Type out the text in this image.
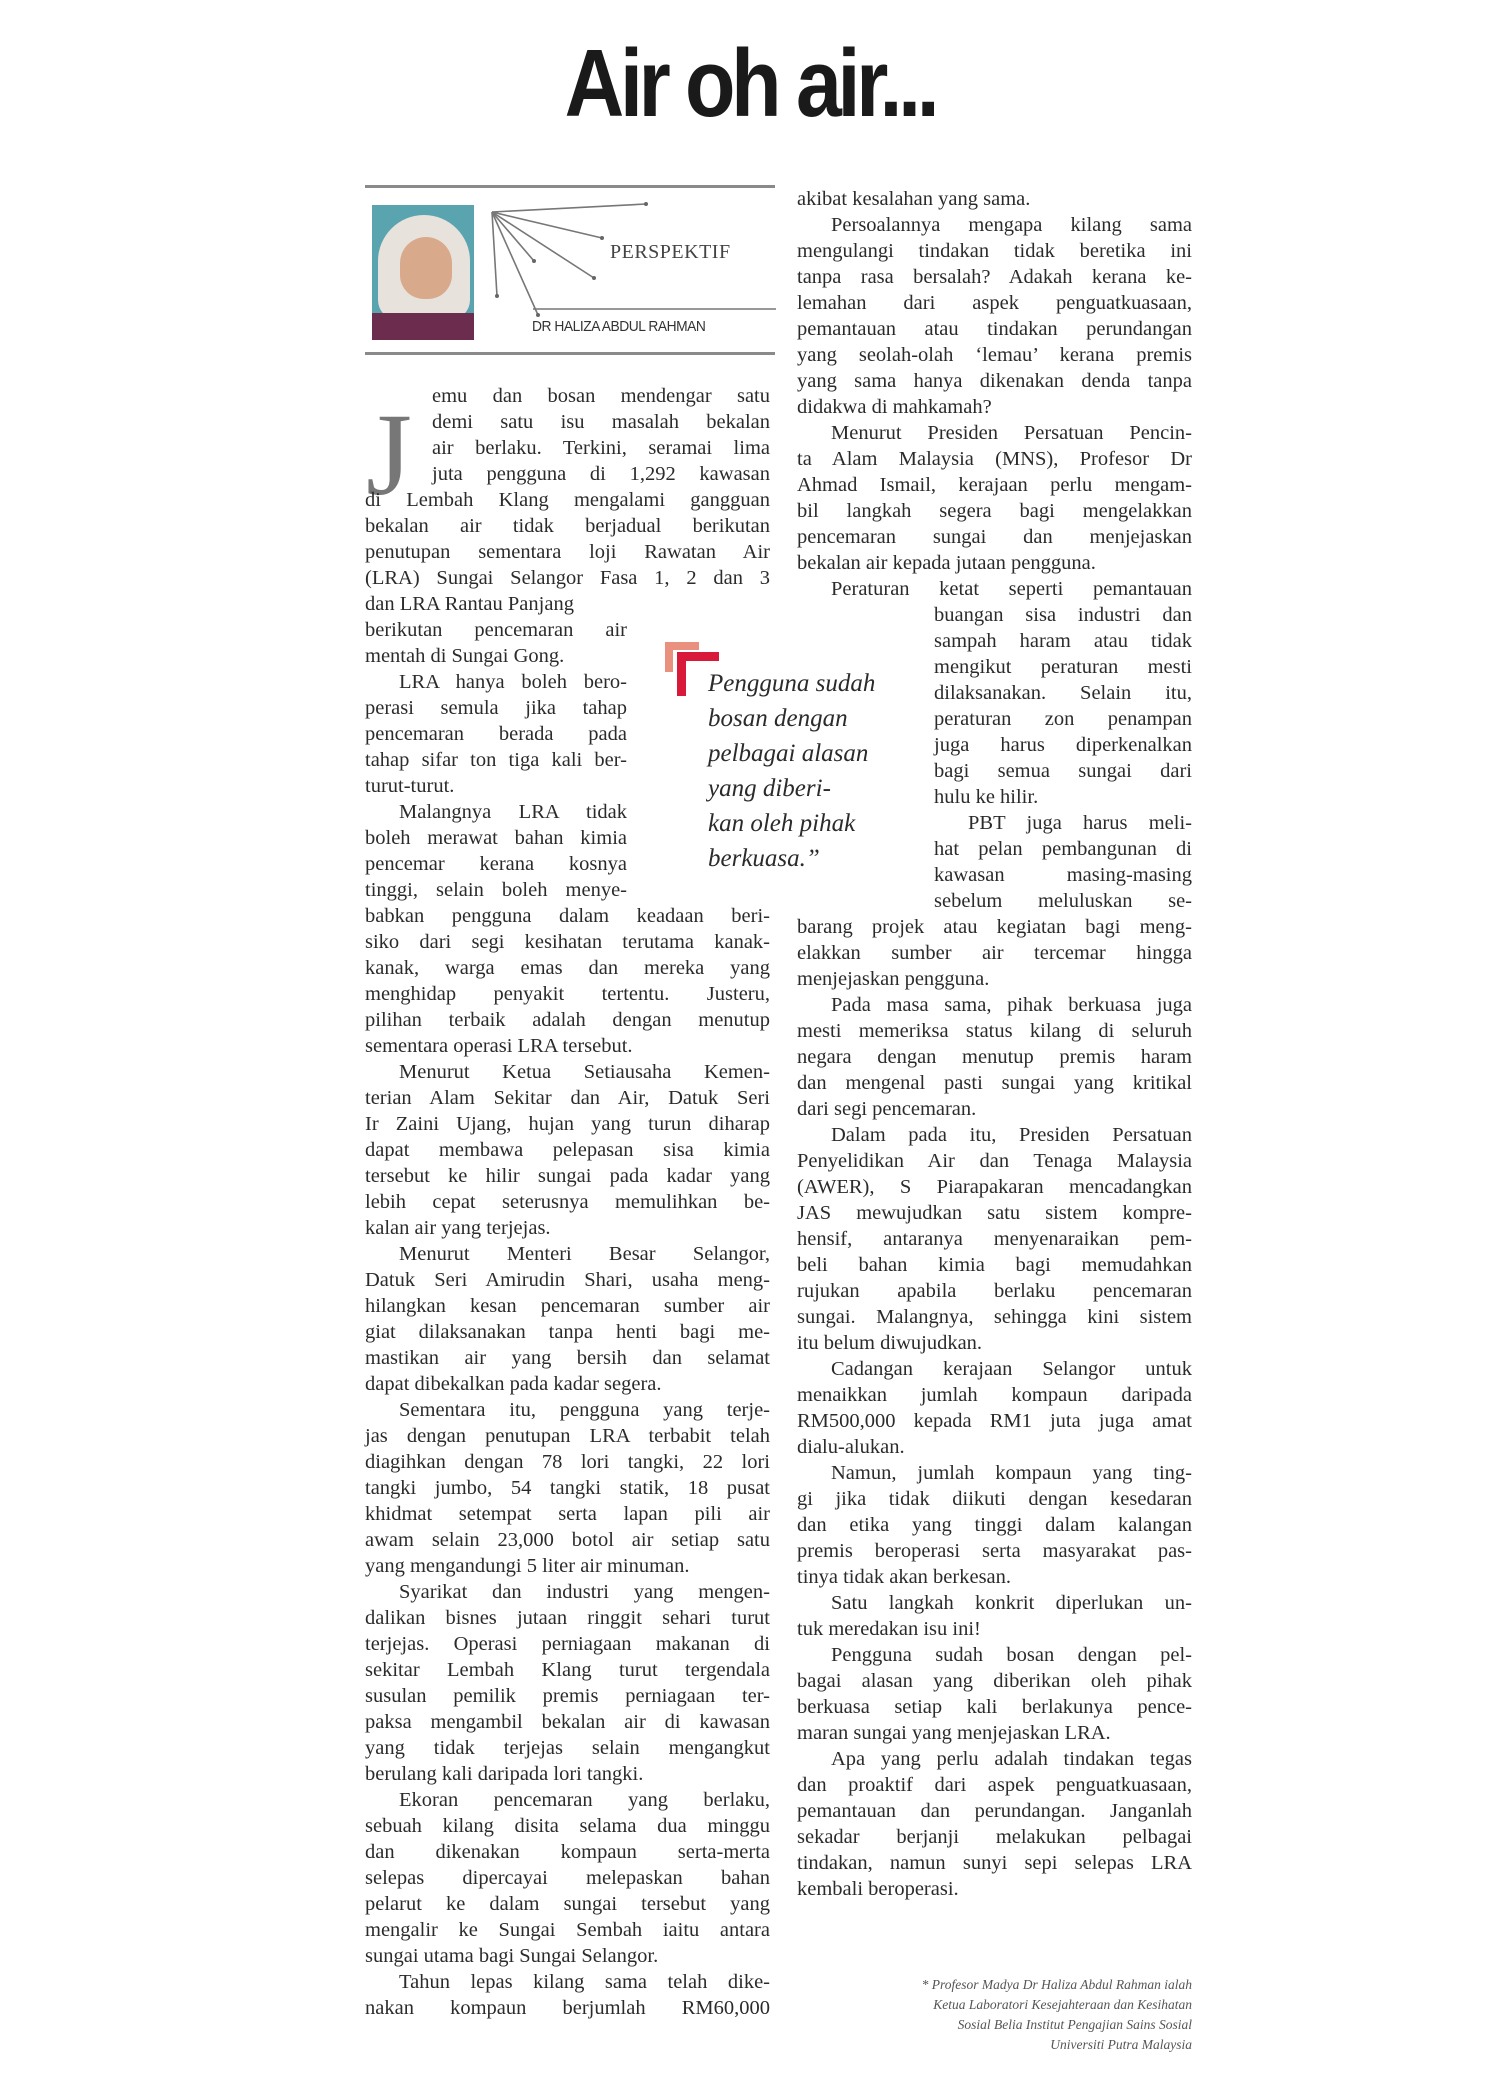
Air oh air...
PERSPEKTIF
DR HALIZA ABDUL RAHMAN
J emu dan bosan mendengar satu
demi satu isu masalah bekalan
air berlaku. Terkini, seramai lima
juta pengguna di 1,292 kawasan
di Lembah Klang mengalami gangguan
bekalan air tidak berjadual berikutan
penutupan sementara loji Rawatan Air
(LRA) Sungai Selangor Fasa 1, 2 dan 3
dan LRA Rantau Panjang
berikutan pencemaran air
mentah di Sungai Gong.
LRA hanya boleh bero-
perasi semula jika tahap
pencemaran berada pada
tahap sifar ton tiga kali ber-
turut-turut.
Malangnya LRA tidak
boleh merawat bahan kimia
pencemar kerana kosnya
tinggi, selain boleh menye-
babkan pengguna dalam keadaan beri-
siko dari segi kesihatan terutama kanak-
kanak, warga emas dan mereka yang
menghidap penyakit tertentu. Justeru,
pilihan terbaik adalah dengan menutup
sementara operasi LRA tersebut.
Menurut Ketua Setiausaha Kemen-
terian Alam Sekitar dan Air, Datuk Seri
Ir Zaini Ujang, hujan yang turun diharap
dapat membawa pelepasan sisa kimia
tersebut ke hilir sungai pada kadar yang
lebih cepat seterusnya memulihkan be-
kalan air yang terjejas.
Menurut Menteri Besar Selangor,
Datuk Seri Amirudin Shari, usaha meng-
hilangkan kesan pencemaran sumber air
giat dilaksanakan tanpa henti bagi me-
mastikan air yang bersih dan selamat
dapat dibekalkan pada kadar segera.
Sementara itu, pengguna yang terje-
jas dengan penutupan LRA terbabit telah
diagihkan dengan 78 lori tangki, 22 lori
tangki jumbo, 54 tangki statik, 18 pusat
khidmat setempat serta lapan pili air
awam selain 23,000 botol air setiap satu
yang mengandungi 5 liter air minuman.
Syarikat dan industri yang mengen-
dalikan bisnes jutaan ringgit sehari turut
terjejas. Operasi perniagaan makanan di
sekitar Lembah Klang turut tergendala
susulan pemilik premis perniagaan ter-
paksa mengambil bekalan air di kawasan
yang tidak terjejas selain mengangkut
berulang kali daripada lori tangki.
Ekoran pencemaran yang berlaku,
sebuah kilang disita selama dua minggu
dan dikenakan kompaun serta-merta
selepas dipercayai melepaskan bahan
pelarut ke dalam sungai tersebut yang
mengalir ke Sungai Sembah iaitu antara
sungai utama bagi Sungai Selangor.
Tahun lepas kilang sama telah dike-
nakan kompaun berjumlah RM60,000
akibat kesalahan yang sama.
Persoalannya mengapa kilang sama
mengulangi tindakan tidak beretika ini
tanpa rasa bersalah? Adakah kerana ke-
lemahan dari aspek penguatkuasaan,
pemantauan atau tindakan perundangan
yang seolah-olah ‘lemau’ kerana premis
yang sama hanya dikenakan denda tanpa
didakwa di mahkamah?
Menurut Presiden Persatuan Pencin-
ta Alam Malaysia (MNS), Profesor Dr
Ahmad Ismail, kerajaan perlu mengam-
bil langkah segera bagi mengelakkan
pencemaran sungai dan menjejaskan
bekalan air kepada jutaan pengguna.
Peraturan ketat seperti pemantauan
buangan sisa industri dan
sampah haram atau tidak
mengikut peraturan mesti
dilaksanakan. Selain itu,
peraturan zon penampan
juga harus diperkenalkan
bagi semua sungai dari
hulu ke hilir.
PBT juga harus meli-
hat pelan pembangunan di
kawasan masing-masing
sebelum meluluskan se-
barang projek atau kegiatan bagi meng-
elakkan sumber air tercemar hingga
menjejaskan pengguna.
Pada masa sama, pihak berkuasa juga
mesti memeriksa status kilang di seluruh
negara dengan menutup premis haram
dan mengenal pasti sungai yang kritikal
dari segi pencemaran.
Dalam pada itu, Presiden Persatuan
Penyelidikan Air dan Tenaga Malaysia
(AWER), S Piarapakaran mencadangkan
JAS mewujudkan satu sistem kompre-
hensif, antaranya menyenaraikan pem-
beli bahan kimia bagi memudahkan
rujukan apabila berlaku pencemaran
sungai. Malangnya, sehingga kini sistem
itu belum diwujudkan.
Cadangan kerajaan Selangor untuk
menaikkan jumlah kompaun daripada
RM500,000 kepada RM1 juta juga amat
dialu-alukan.
Namun, jumlah kompaun yang ting-
gi jika tidak diikuti dengan kesedaran
dan etika yang tinggi dalam kalangan
premis beroperasi serta masyarakat pas-
tinya tidak akan berkesan.
Satu langkah konkrit diperlukan un-
tuk meredakan isu ini!
Pengguna sudah bosan dengan pel-
bagai alasan yang diberikan oleh pihak
berkuasa setiap kali berlakunya pence-
maran sungai yang menjejaskan LRA.
Apa yang perlu adalah tindakan tegas
dan proaktif dari aspek penguatkuasaan,
pemantauan dan perundangan. Janganlah
sekadar berjanji melakukan pelbagai
tindakan, namun sunyi sepi selepas LRA
kembali beroperasi.
Pengguna sudah
bosan dengan
pelbagai alasan
yang diberi-
kan oleh pihak
berkuasa.”
* Profesor Madya Dr Haliza Abdul Rahman ialah
Ketua Laboratori Kesejahteraan dan Kesihatan
Sosial Belia Institut Pengajian Sains Sosial
Universiti Putra Malaysia
